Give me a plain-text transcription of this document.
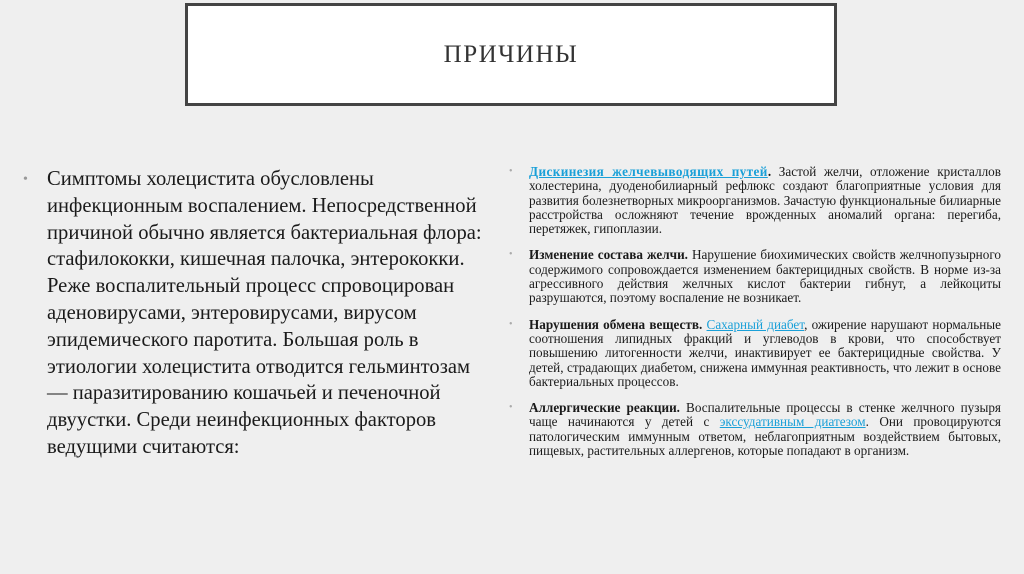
ПРИЧИНЫ
• Симптомы холецистита обусловлены инфекционным воспалением. Непосредственной причиной обычно является бактериальная флора: стафилококки, кишечная палочка, энтерококки. Реже воспалительный процесс спровоцирован аденовирусами, энтеровирусами, вирусом эпидемического паротита. Большая роль в этиологии холецистита отводится гельминтозам — паразитированию кошачьей и печеночной двуустки. Среди неинфекционных факторов ведущими считаются:
•	Дискинезия желчевыводящих путей. Застой желчи, отложение кристаллов холестерина, дуоденобилиарный рефлюкс создают благоприятные условия для развития болезнетворных микроорганизмов. Зачастую функциональные билиарные расстройства осложняют течение врожденных аномалий органа: перегиба, перетяжек, гипоплазии.
•	Изменение состава желчи. Нарушение биохимических свойств желчнопузырного содержимого сопровождается изменением бактерицидных свойств. В норме из-за агрессивного действия желчных кислот бактерии гибнут, а лейкоциты разрушаются, поэтому воспаление не возникает.
•	Нарушения обмена веществ. Сахарный диабет, ожирение нарушают нормальные соотношения липидных фракций и углеводов в крови, что способствует повышению литогенности желчи, инактивирует ее бактерицидные свойства. У детей, страдающих диабетом, снижена иммунная реактивность, что лежит в основе бактериальных процессов.
•	Аллергические реакции. Воспалительные процессы в стенке желчного пузыря чаще начинаются у детей с экссудативным диатезом. Они провоцируются патологическим иммунным ответом, неблагоприятным воздействием бытовых, пищевых, растительных аллергенов, которые попадают в организм.
